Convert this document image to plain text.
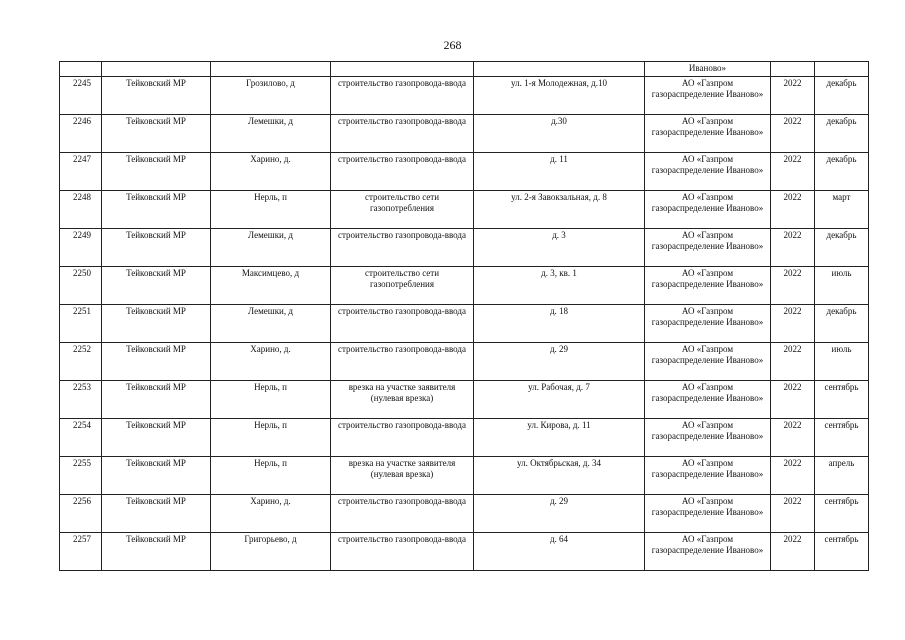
268
					Иваново»		
2245	Тейковский МР	Грозилово, д	строительство газопровода-ввода	ул. 1-я Молодежная, д.10	АО «Газпром газораспределение Иваново»	2022	декабрь
2246	Тейковский МР	Лемешки, д	строительство газопровода-ввода	д.30	АО «Газпром газораспределение Иваново»	2022	декабрь
2247	Тейковский МР	Харино, д.	строительство газопровода-ввода	д. 11	АО «Газпром газораспределение Иваново»	2022	декабрь
2248	Тейковский МР	Нерль, п	строительство сети газопотребления	ул. 2-я Завокзальная, д. 8	АО «Газпром газораспределение Иваново»	2022	март
2249	Тейковский МР	Лемешки, д	строительство газопровода-ввода	д. 3	АО «Газпром газораспределение Иваново»	2022	декабрь
2250	Тейковский МР	Максимцево, д	строительство сети газопотребления	д. 3, кв. 1	АО «Газпром газораспределение Иваново»	2022	июль
2251	Тейковский МР	Лемешки, д	строительство газопровода-ввода	д. 18	АО «Газпром газораспределение Иваново»	2022	декабрь
2252	Тейковский МР	Харино, д.	строительство газопровода-ввода	д. 29	АО «Газпром газораспределение Иваново»	2022	июль
2253	Тейковский МР	Нерль, п	врезка на участке заявителя (нулевая врезка)	ул. Рабочая, д. 7	АО «Газпром газораспределение Иваново»	2022	сентябрь
2254	Тейковский МР	Нерль, п	строительство газопровода-ввода	ул. Кирова, д. 11	АО «Газпром газораспределение Иваново»	2022	сентябрь
2255	Тейковский МР	Нерль, п	врезка на участке заявителя (нулевая врезка)	ул. Октябрьская, д. 34	АО «Газпром газораспределение Иваново»	2022	апрель
2256	Тейковский МР	Харино, д.	строительство газопровода-ввода	д. 29	АО «Газпром газораспределение Иваново»	2022	сентябрь
2257	Тейковский МР	Григорьево, д	строительство газопровода-ввода	д. 64	АО «Газпром газораспределение Иваново»	2022	сентябрь
